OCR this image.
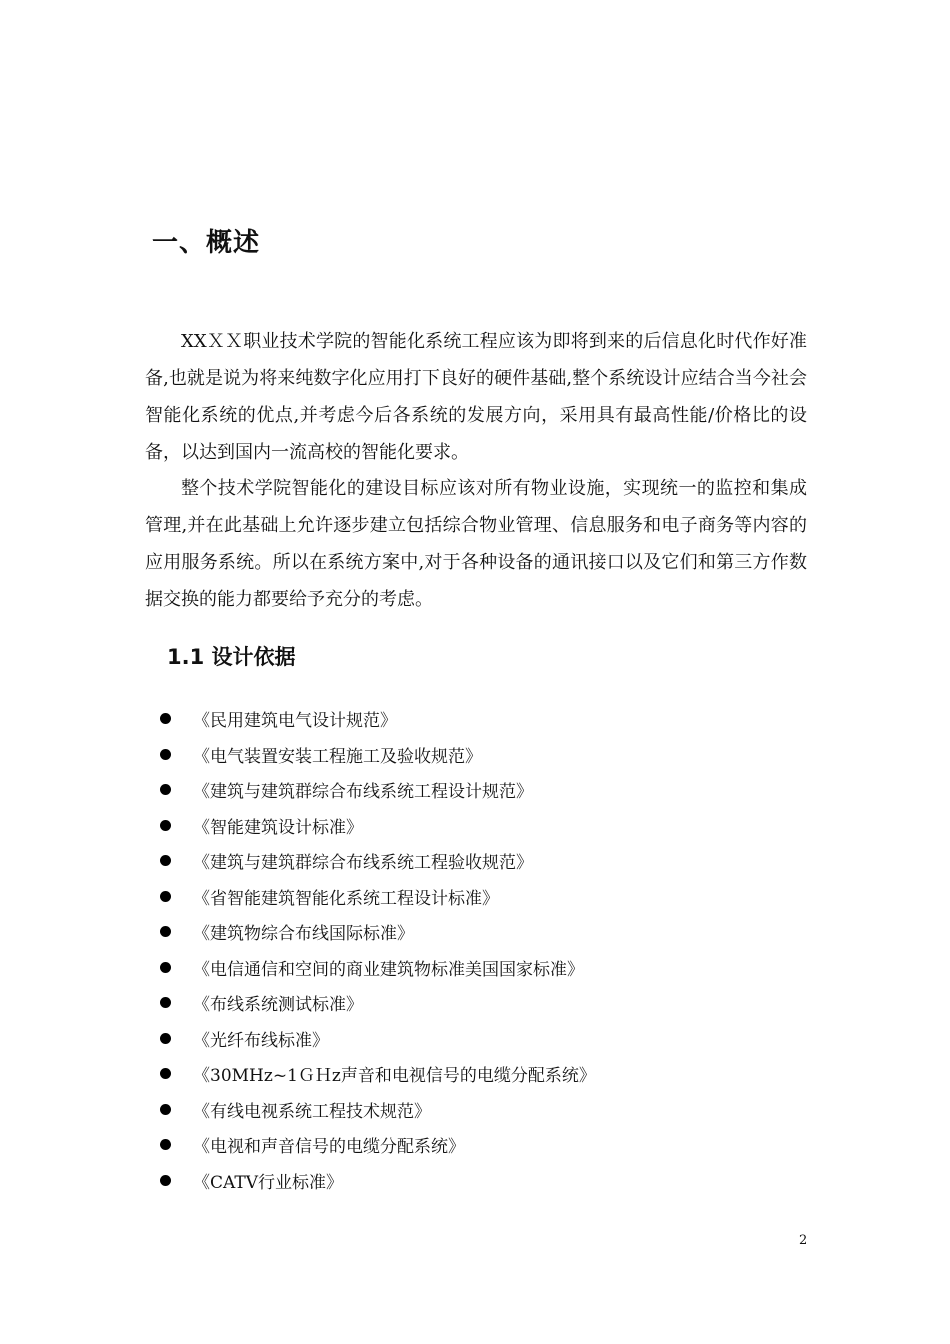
一、概述

XXＸＸ职业技术学院的智能化系统工程应该为即将到来的后信息化时代作好准备,也就是说为将来纯数字化应用打下良好的硬件基础,整个系统设计应结合当今社会智能化系统的优点,并考虑今后各系统的发展方向，采用具有最高性能/价格比的设备，以达到国内一流高校的智能化要求。

整个技术学院智能化的建设目标应该对所有物业设施，实现统一的监控和集成管理,并在此基础上允许逐步建立包括综合物业管理、信息服务和电子商务等内容的应用服务系统。所以在系统方案中,对于各种设备的通讯接口以及它们和第三方作数据交换的能力都要给予充分的考虑。

1.1 设计依据
《民用建筑电气设计规范》
《电气装置安装工程施工及验收规范》
《建筑与建筑群综合布线系统工程设计规范》
《智能建筑设计标准》
《建筑与建筑群综合布线系统工程验收规范》
《省智能建筑智能化系统工程设计标准》
《建筑物综合布线国际标准》
《电信通信和空间的商业建筑物标准美国国家标准》
《布线系统测试标准》
《光纤布线标准》
《30MHz~1ＧＨz声音和电视信号的电缆分配系统》
《有线电视系统工程技术规范》
《电视和声音信号的电缆分配系统》
《CATⅤ行业标准》
2
